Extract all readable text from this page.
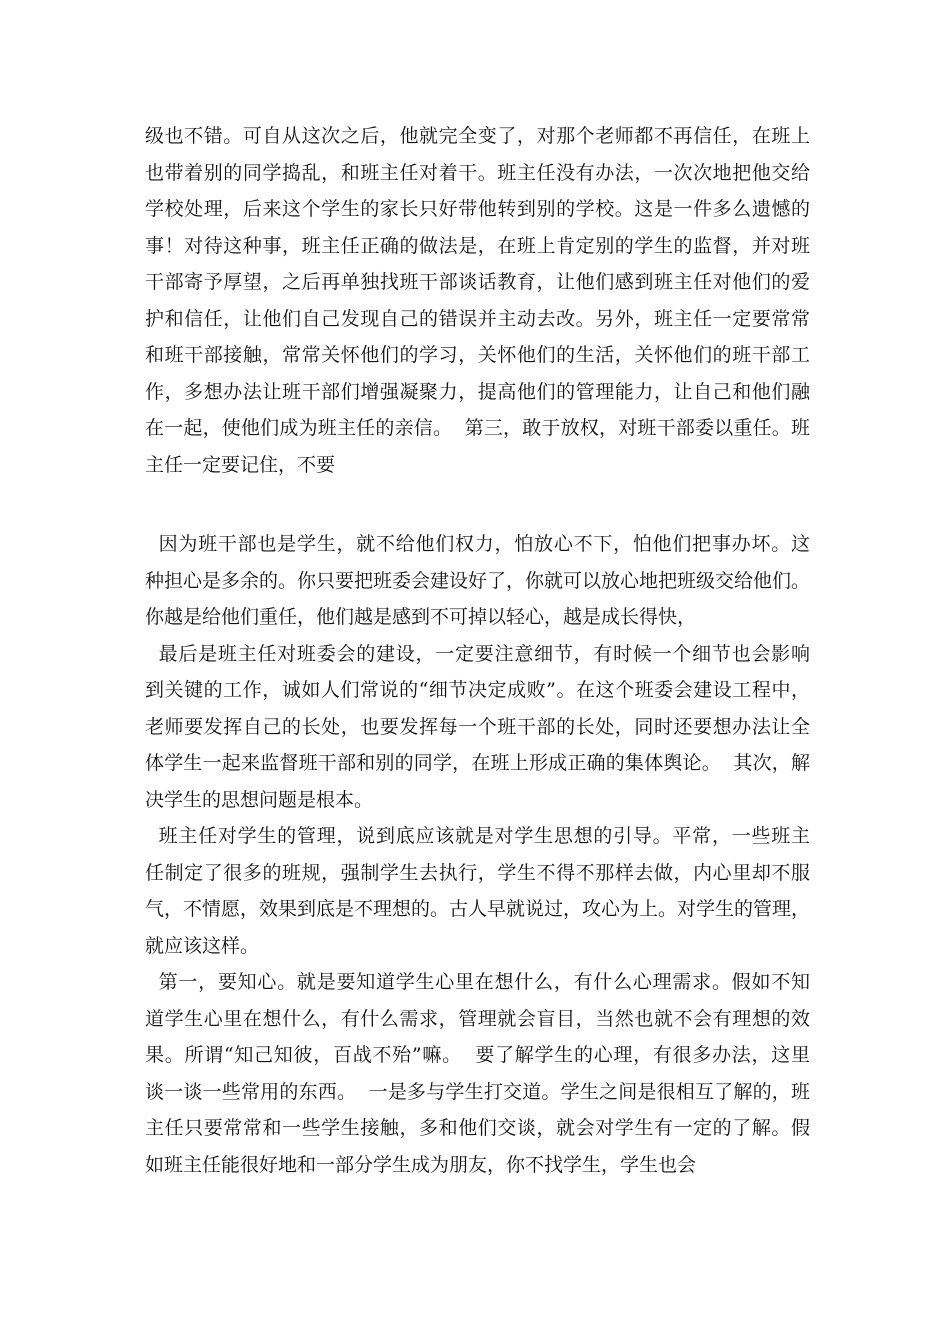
级也不错。可自从这次之后，他就完全变了，对那个老师都不再信任，在班上
也带着别的同学捣乱，和班主任对着干。班主任没有办法，一次次地把他交给
学校处理，后来这个学生的家长只好带他转到别的学校。这是一件多么遗憾的
事！对待这种事，班主任正确的做法是，在班上肯定别的学生的监督，并对班
干部寄予厚望，之后再单独找班干部谈话教育，让他们感到班主任对他们的爱
护和信任，让他们自己发现自己的错误并主动去改。另外，班主任一定要常常
和班干部接触，常常关怀他们的学习，关怀他们的生活，关怀他们的班干部工
作，多想办法让班干部们增强凝聚力，提高他们的管理能力，让自己和他们融
在一起，使他们成为班主任的亲信。  第三，敢于放权，对班干部委以重任。班
主任一定要记住，不要
因为班干部也是学生，就不给他们权力，怕放心不下，怕他们把事办坏。这
种担心是多余的。你只要把班委会建设好了，你就可以放心地把班级交给他们。
你越是给他们重任，他们越是感到不可掉以轻心，越是成长得快，
最后是班主任对班委会的建设，一定要注意细节，有时候一个细节也会影响
到关键的工作，诚如人们常说的“细节决定成败”。在这个班委会建设工程中，
老师要发挥自己的长处，也要发挥每一个班干部的长处，同时还要想办法让全
体学生一起来监督班干部和别的同学，在班上形成正确的集体舆论。  其次，解
决学生的思想问题是根本。
班主任对学生的管理，说到底应该就是对学生思想的引导。平常，一些班主
任制定了很多的班规，强制学生去执行，学生不得不那样去做，内心里却不服
气，不情愿，效果到底是不理想的。古人早就说过，攻心为上。对学生的管理，
就应该这样。
第一，要知心。就是要知道学生心里在想什么，有什么心理需求。假如不知
道学生心里在想什么，有什么需求，管理就会盲目，当然也就不会有理想的效
果。所谓“知己知彼，百战不殆”嘛。  要了解学生的心理，有很多办法，这里
谈一谈一些常用的东西。  一是多与学生打交道。学生之间是很相互了解的，班
主任只要常常和一些学生接触，多和他们交谈，就会对学生有一定的了解。假
如班主任能很好地和一部分学生成为朋友，你不找学生，学生也会
